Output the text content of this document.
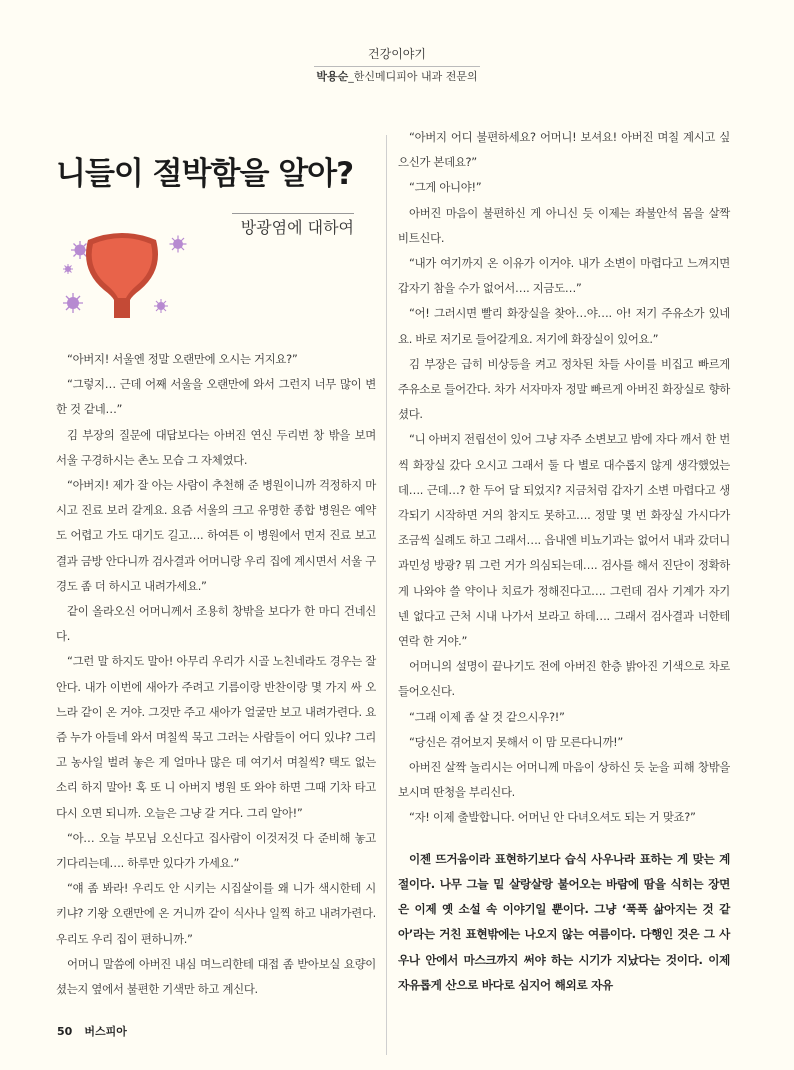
건강이야기
박용순_한신메디피아 내과 전문의
니들이 절박함을 알아?
방광염에 대하여

“아버지! 서울엔 정말 오랜만에 오시는 거지요?”

“그렇지… 근데 어째 서울을 오랜만에 와서 그런지 너무 많이 변한 것 같네…”

김 부장의 질문에 대답보다는 아버진 연신 두리번 창 밖을 보며 서울 구경하시는 촌노 모습 그 자체였다.

“아버지! 제가 잘 아는 사람이 추천해 준 병원이니까 걱정하지 마시고 진료 보러 갈게요. 요즘 서울의 크고 유명한 종합 병원은 예약도 어렵고 가도 대기도 길고…. 하여튼 이 병원에서 먼저 진료 보고 결과 금방 안다니까 검사결과 어머니랑 우리 집에 계시면서 서울 구경도 좀 더 하시고 내려가세요.”

같이 올라오신 어머니께서 조용히 창밖을 보다가 한 마디 건네신다.

“그런 말 하지도 말아! 아무리 우리가 시골 노친네라도 경우는 잘 안다. 내가 이번에 새아가 주려고 기름이랑 반찬이랑 몇 가지 싸 오느라 같이 온 거야. 그것만 주고 새아가 얼굴만 보고 내려가련다. 요즘 누가 아들네 와서 며칠씩 묵고 그러는 사람들이 어디 있냐? 그리고 농사일 벌려 놓은 게 얼마나 많은 데 여기서 며칠씩? 택도 없는 소리 하지 말아! 혹 또 니 아버지 병원 또 와야 하면 그때 기차 타고 다시 오면 되니까. 오늘은 그냥 갈 거다. 그리 알아!”

“아… 오늘 부모님 오신다고 집사람이 이것저것 다 준비해 놓고 기다리는데…. 하루만 있다가 가세요.”

“얘 좀 봐라! 우리도 안 시키는 시집살이를 왜 니가 색시한테 시키냐? 기왕 오랜만에 온 거니까 같이 식사나 일찍 하고 내려가련다. 우리도 우리 집이 편하니까.”

어머니 말씀에 아버진 내심 며느리한테 대접 좀 받아보실 요량이셨는지 옆에서 불편한 기색만 하고 계신다.

“아버지 어디 불편하세요? 어머니! 보셔요! 아버진 며칠 계시고 싶으신가 본데요?”

“그게 아니야!”

아버진 마음이 불편하신 게 아니신 듯 이제는 좌불안석 몸을 살짝 비트신다.

“내가 여기까지 온 이유가 이거야. 내가 소변이 마렵다고 느껴지면 갑자기 참을 수가 없어서…. 지금도…”

“어! 그러시면 빨리 화장실을 찾아…야…. 아! 저기 주유소가 있네요. 바로 저기로 들어갈게요. 저기에 화장실이 있어요.”

김 부장은 급히 비상등을 켜고 정차된 차들 사이를 비집고 빠르게 주유소로 들어간다. 차가 서자마자 정말 빠르게 아버진 화장실로 향하셨다.

“니 아버지 전립선이 있어 그냥 자주 소변보고 밤에 자다 깨서 한 번씩 화장실 갔다 오시고 그래서 둘 다 별로 대수롭지 않게 생각했었는데…. 근데…? 한 두어 달 되었지? 지금처럼 갑자기 소변 마렵다고 생각되기 시작하면 거의 참지도 못하고…. 정말 몇 번 화장실 가시다가 조금씩 실례도 하고 그래서…. 읍내엔 비뇨기과는 없어서 내과 갔더니 과민성 방광? 뭐 그런 거가 의심되는데…. 검사를 해서 진단이 정확하게 나와야 쓸 약이나 치료가 정해진다고…. 그런데 검사 기계가 자기넨 없다고 근처 시내 나가서 보라고 하데…. 그래서 검사결과 너한테 연락 한 거야.”

어머니의 설명이 끝나기도 전에 아버진 한층 밝아진 기색으로 차로 들어오신다.

“그래 이제 좀 살 것 같으시우?!”

“당신은 겪어보지 못해서 이 맘 모른다니까!”

아버진 살짝 놀리시는 어머니께 마음이 상하신 듯 눈을 피해 창밖을 보시며 딴청을 부리신다.

“자! 이제 출발합니다. 어머닌 안 다녀오셔도 되는 거 맞죠?”

이젠 뜨거움이라 표현하기보다 습식 사우나라 표하는 게 맞는 계절이다. 나무 그늘 밑 살랑살랑 불어오는 바람에 땀을 식히는 장면은 이제 옛 소설 속 이야기일 뿐이다. 그냥 ‘푹푹 삶아지는 것 같아’라는 거친 표현밖에는 나오지 않는 여름이다. 다행인 것은 그 사우나 안에서 마스크까지 써야 하는 시기가 지났다는 것이다. 이제 자유롭게 산으로 바다로 심지어 해외로 자유

50 버스피아
